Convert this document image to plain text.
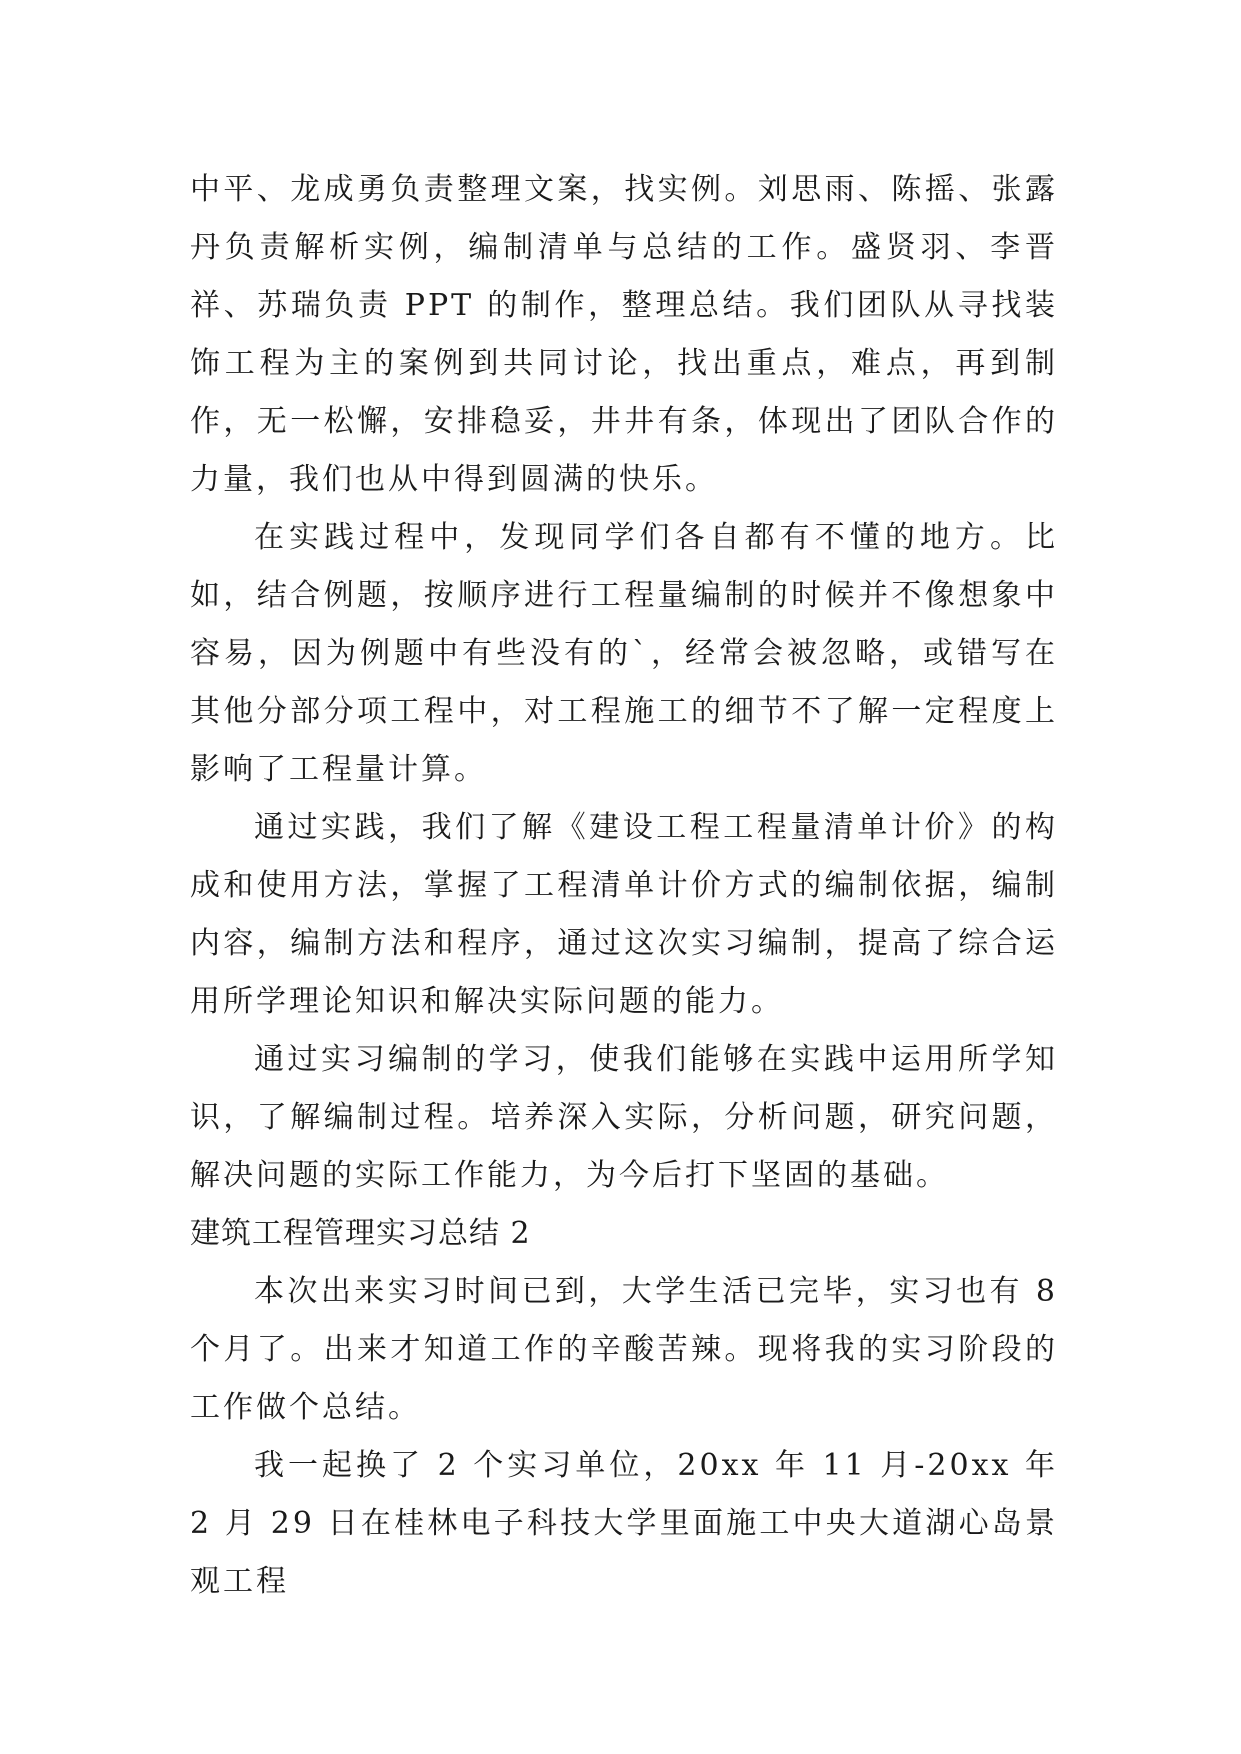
中平、龙成勇负责整理文案，找实例。刘思雨、陈摇、张露丹负责解析实例，编制清单与总结的工作。盛贤羽、李晋祥、苏瑞负责 PPT 的制作，整理总结。我们团队从寻找装饰工程为主的案例到共同讨论，找出重点，难点，再到制作，无一松懈，安排稳妥，井井有条，体现出了团队合作的力量，我们也从中得到圆满的快乐。

在实践过程中，发现同学们各自都有不懂的地方。比如，结合例题，按顺序进行工程量编制的时候并不像想象中容易，因为例题中有些没有的`，经常会被忽略，或错写在其他分部分项工程中，对工程施工的细节不了解一定程度上影响了工程量计算。

通过实践，我们了解《建设工程工程量清单计价》的构成和使用方法，掌握了工程清单计价方式的编制依据，编制内容，编制方法和程序，通过这次实习编制，提高了综合运用所学理论知识和解决实际问题的能力。

通过实习编制的学习，使我们能够在实践中运用所学知识，了解编制过程。培养深入实际，分析问题，研究问题，解决问题的实际工作能力，为今后打下坚固的基础。

建筑工程管理实习总结 2

本次出来实习时间已到，大学生活已完毕，实习也有 8 个月了。出来才知道工作的辛酸苦辣。现将我的实习阶段的工作做个总结。

我一起换了 2 个实习单位，20xx 年 11 月-20xx 年 2 月 29 日在桂林电子科技大学里面施工中央大道湖心岛景观工程
